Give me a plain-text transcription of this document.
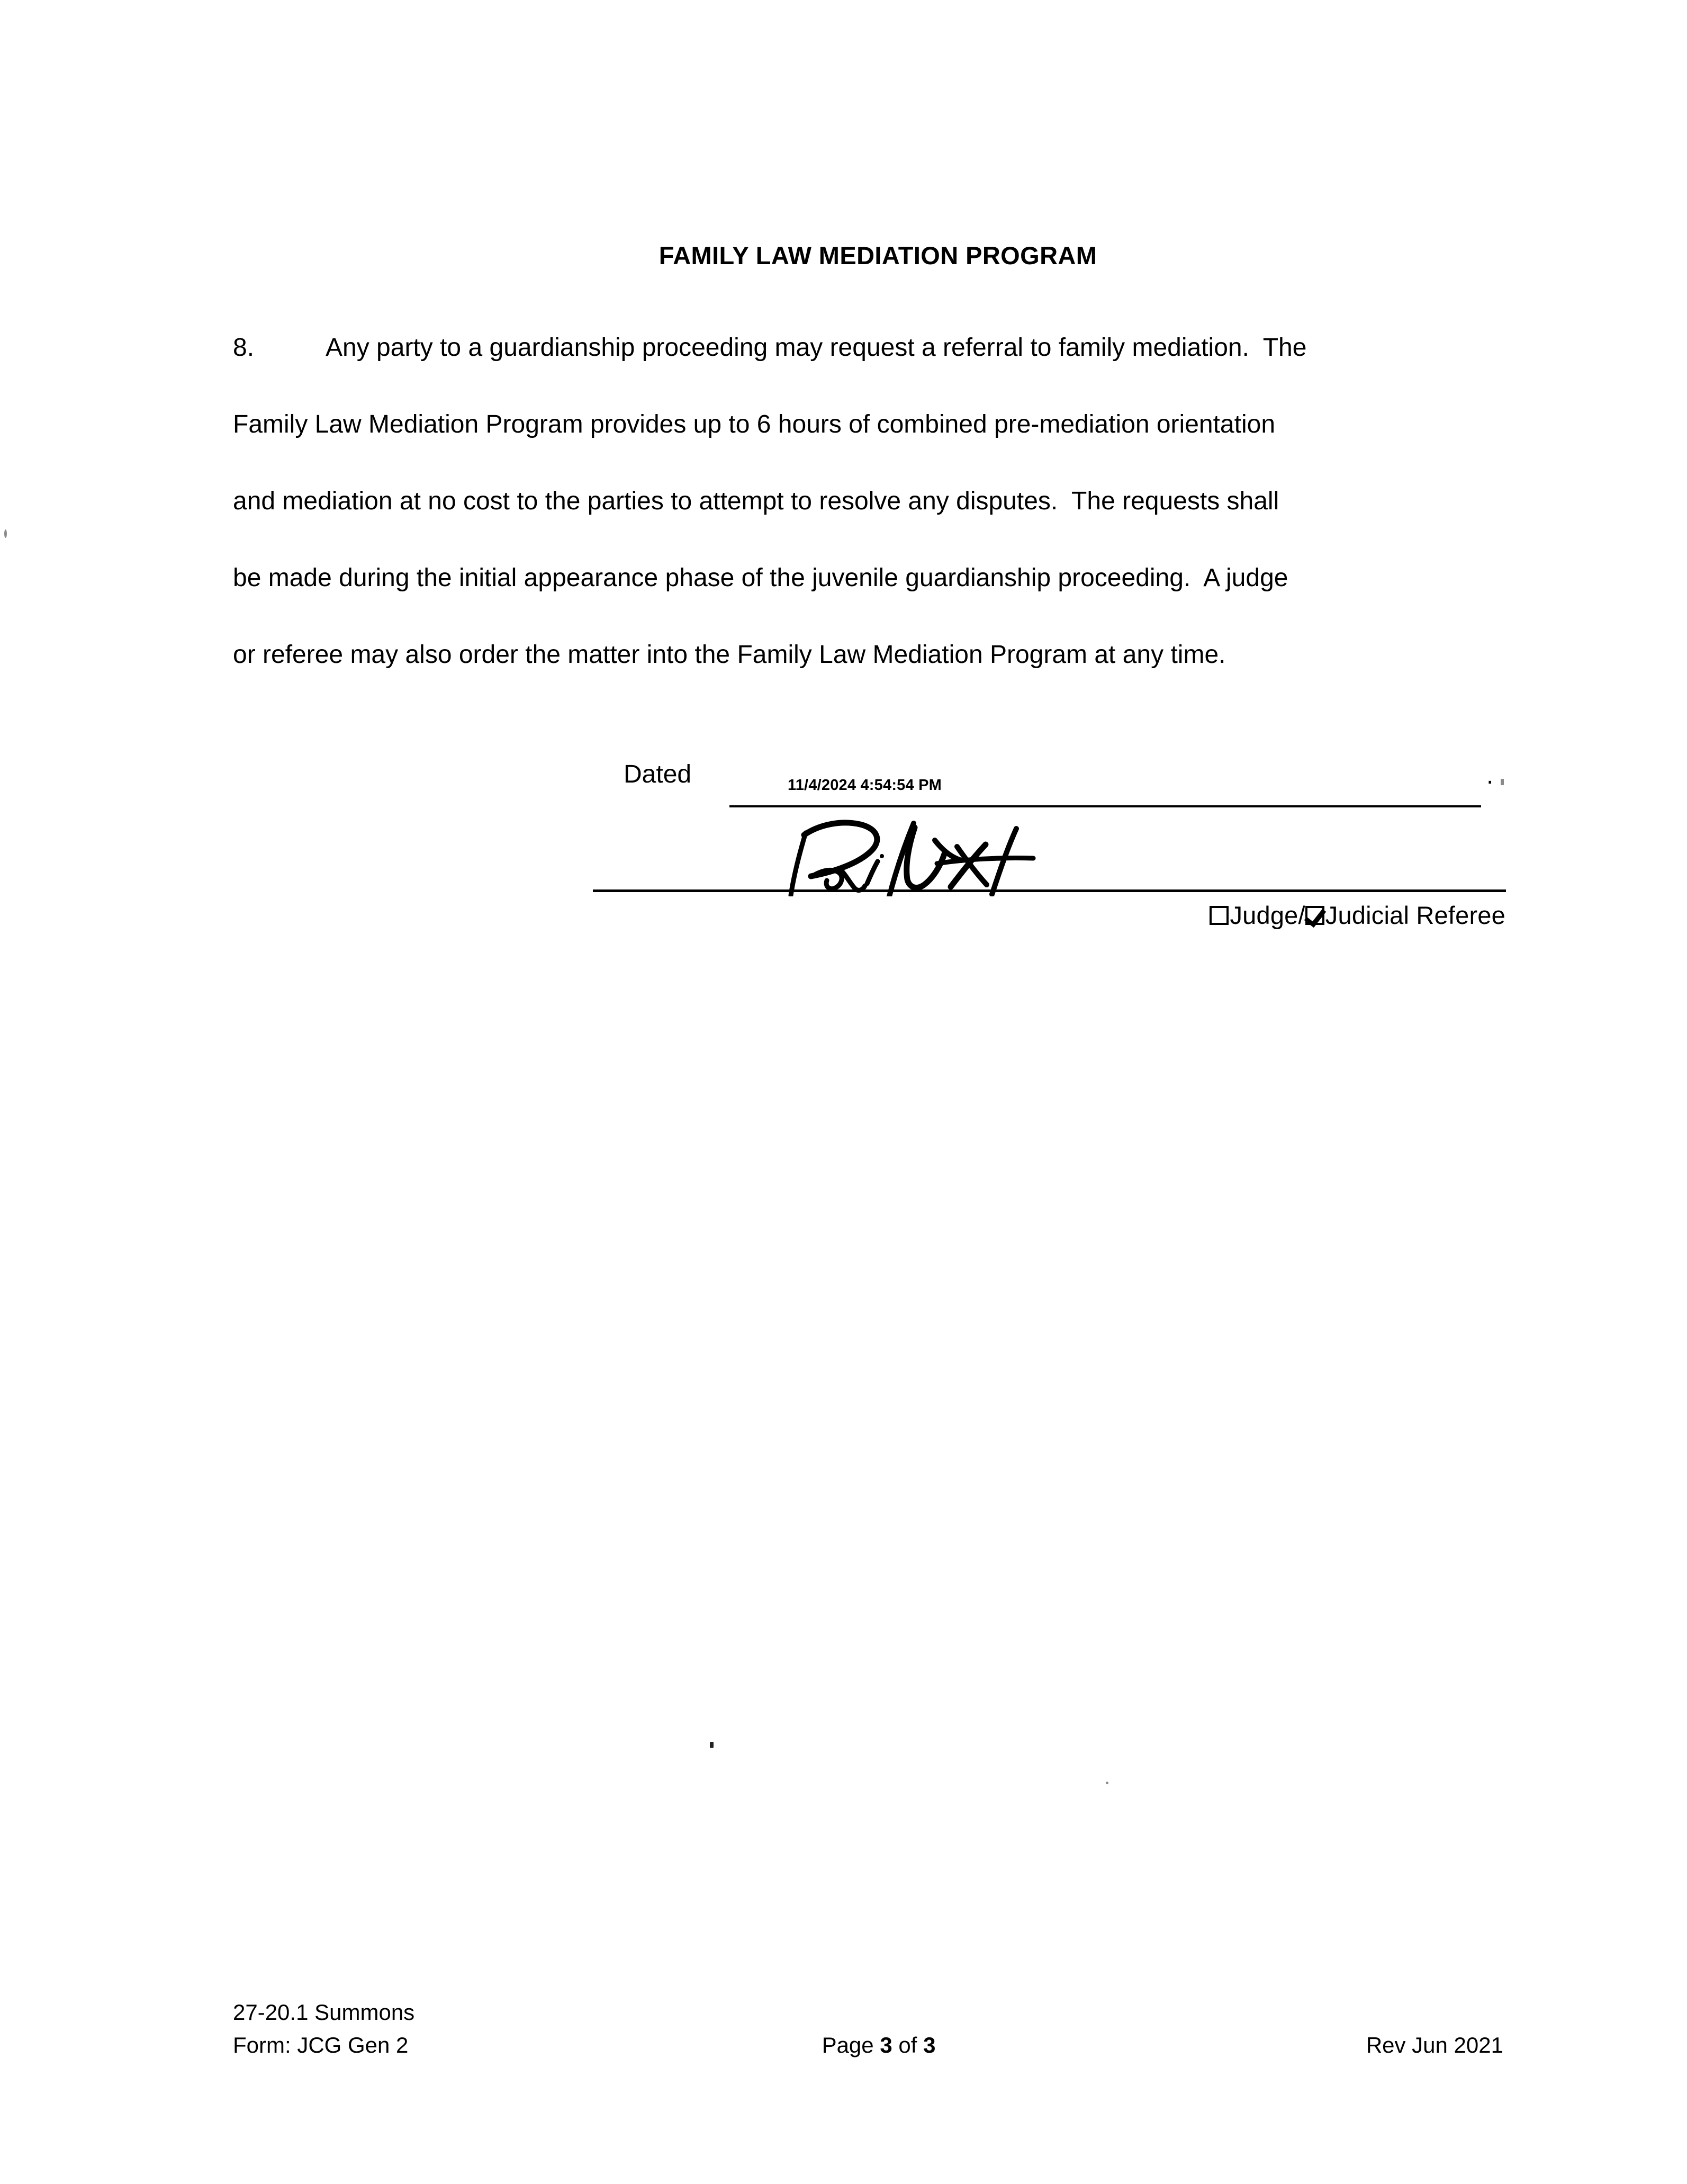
FAMILY LAW MEDIATION PROGRAM
8.	Any party to a guardianship proceeding may request a referral to family mediation.  The
Family Law Mediation Program provides up to 6 hours of combined pre-mediation orientation
and mediation at no cost to the parties to attempt to resolve any disputes.  The requests shall
be made during the initial appearance phase of the juvenile guardianship proceeding.  A judge
or referee may also order the matter into the Family Law Mediation Program at any time.
Dated	11/4/2024 4:54:54 PM	.
Judge/ Judicial Referee
27-20.1 Summons
Form: JCG Gen 2	Page 3 of 3	Rev Jun 2021
